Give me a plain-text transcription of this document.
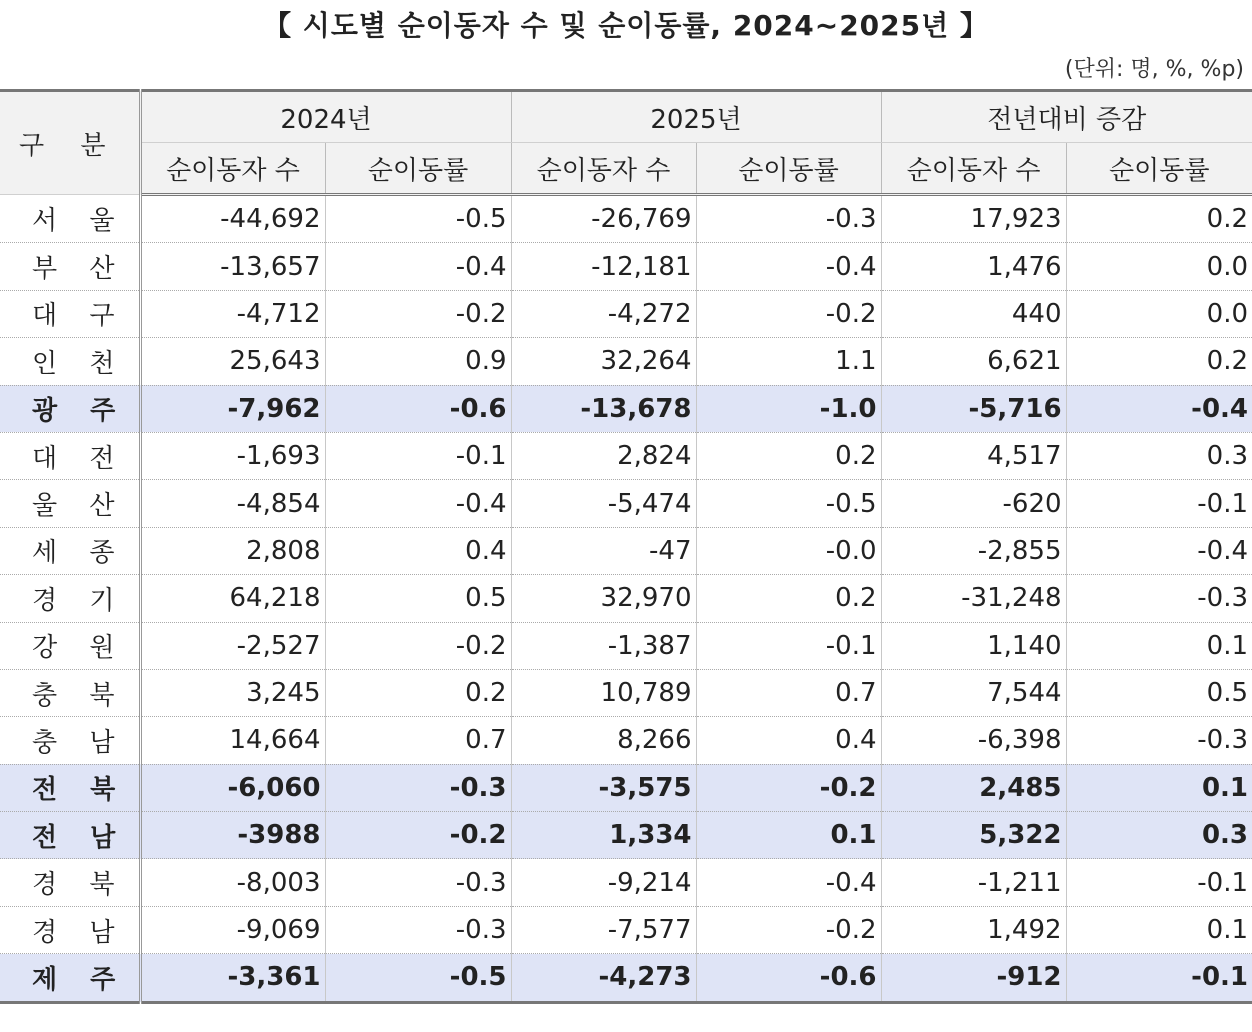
【 시도별 순이동자 수 및 순이동률, 2024∼2025년 】
(단위: 명, %, %p)
구 분	2024년		2025년		전년대비 증감	
	순이동자 수	순이동률	순이동자 수	순이동률	순이동자 수	순이동률
서 울	-44,692	-0.5	-26,769	-0.3	17,923	0.2
부 산	-13,657	-0.4	-12,181	-0.4	1,476	0.0
대 구	-4,712	-0.2	-4,272	-0.2	440	0.0
인 천	25,643	0.9	32,264	1.1	6,621	0.2
광 주	-7,962	-0.6	-13,678	-1.0	-5,716	-0.4
대 전	-1,693	-0.1	2,824	0.2	4,517	0.3
울 산	-4,854	-0.4	-5,474	-0.5	-620	-0.1
세 종	2,808	0.4	-47	-0.0	-2,855	-0.4
경 기	64,218	0.5	32,970	0.2	-31,248	-0.3
강 원	-2,527	-0.2	-1,387	-0.1	1,140	0.1
충 북	3,245	0.2	10,789	0.7	7,544	0.5
충 남	14,664	0.7	8,266	0.4	-6,398	-0.3
전 북	-6,060	-0.3	-3,575	-0.2	2,485	0.1
전 남	-3988	-0.2	1,334	0.1	5,322	0.3
경 북	-8,003	-0.3	-9,214	-0.4	-1,211	-0.1
경 남	-9,069	-0.3	-7,577	-0.2	1,492	0.1
제 주	-3,361	-0.5	-4,273	-0.6	-912	-0.1
